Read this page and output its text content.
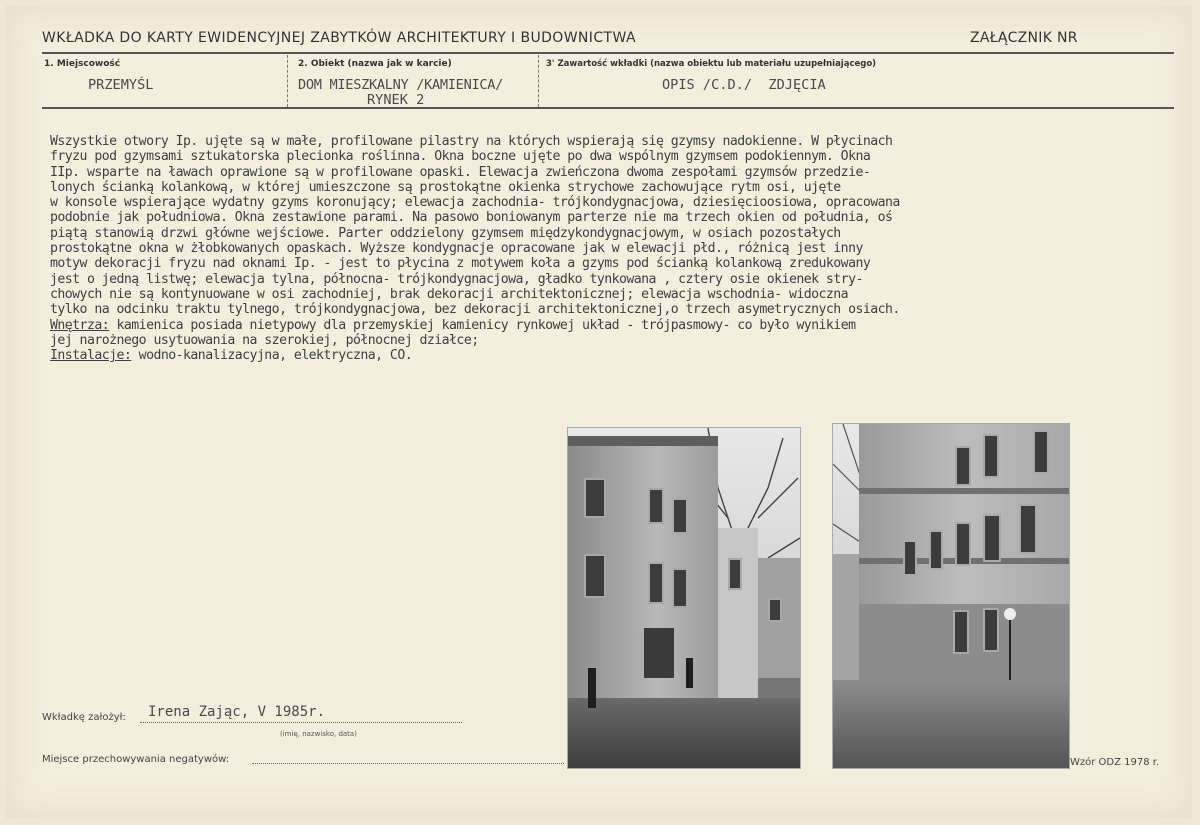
WKŁADKA DO KARTY EWIDENCYJNEJ ZABYTKÓW ARCHITEKTURY I BUDOWNICTWA	ZAŁĄCZNIK NR
1. Miejscowość
PRZEMYŚL
2. Obiekt (nazwa jak w karcie)
DOM MIESZKALNY /KAMIENICA/
RYNEK 2
3' Zawartość wkładki (nazwa obiektu lub materiału uzupełniającego)
OPIS /C.D./  ZDJĘCIA
Wszystkie otwory Ip. ujęte są w małe, profilowane pilastry na których wspierają się gzymsy nadokienne. W płycinach
fryzu pod gzymsami sztukatorska plecionka roślinna. Okna boczne ujęte po dwa wspólnym gzymsem podokiennym. Okna
IIp. wsparte na ławach oprawione są w profilowane opaski. Elewacja zwieńczona dwoma zespołami gzymsów przedzie-
lonych ścianką kolankową, w której umieszczone są prostokątne okienka strychowe zachowujące rytm osi, ujęte
w konsole wspierające wydatny gzyms koronujący; elewacja zachodnia- trójkondygnacjowa, dziesięcioosiowa, opracowana
podobnie jak południowa. Okna zestawione parami. Na pasowo boniowanym parterze nie ma trzech okien od południa, oś
piątą stanowią drzwi główne wejściowe. Parter oddzielony gzymsem międzykondygnacjowym, w osiach pozostałych
prostokątne okna w żłobkowanych opaskach. Wyższe kondygnacje opracowane jak w elewacji płd., różnicą jest inny
motyw dekoracji fryzu nad oknami Ip. - jest to płycina z motywem koła a gzyms pod ścianką kolankową zredukowany
jest o jedną listwę; elewacja tylna, północna- trójkondygnacjowa, gładko tynkowana , cztery osie okienek stry-
chowych nie są kontynuowane w osi zachodniej, brak dekoracji architektonicznej; elewacja wschodnia- widoczna
tylko na odcinku traktu tylnego, trójkondygnacjowa, bez dekoracji architektonicznej,o trzech asymetrycznych osiach.
Wnętrza: kamienica posiada nietypowy dla przemyskiej kamienicy rynkowej układ - trójpasmowy- co było wynikiem
jej narożnego usytuowania na szerokiej, północnej działce;
Instalacje: wodno-kanalizacyjna, elektryczna, CO.
Wkładkę założył: Irena Zając, V 1985r.
(imię, nazwisko, data)
Miejsce przechowywania negatywów:	Wzór ODZ 1978 r.
